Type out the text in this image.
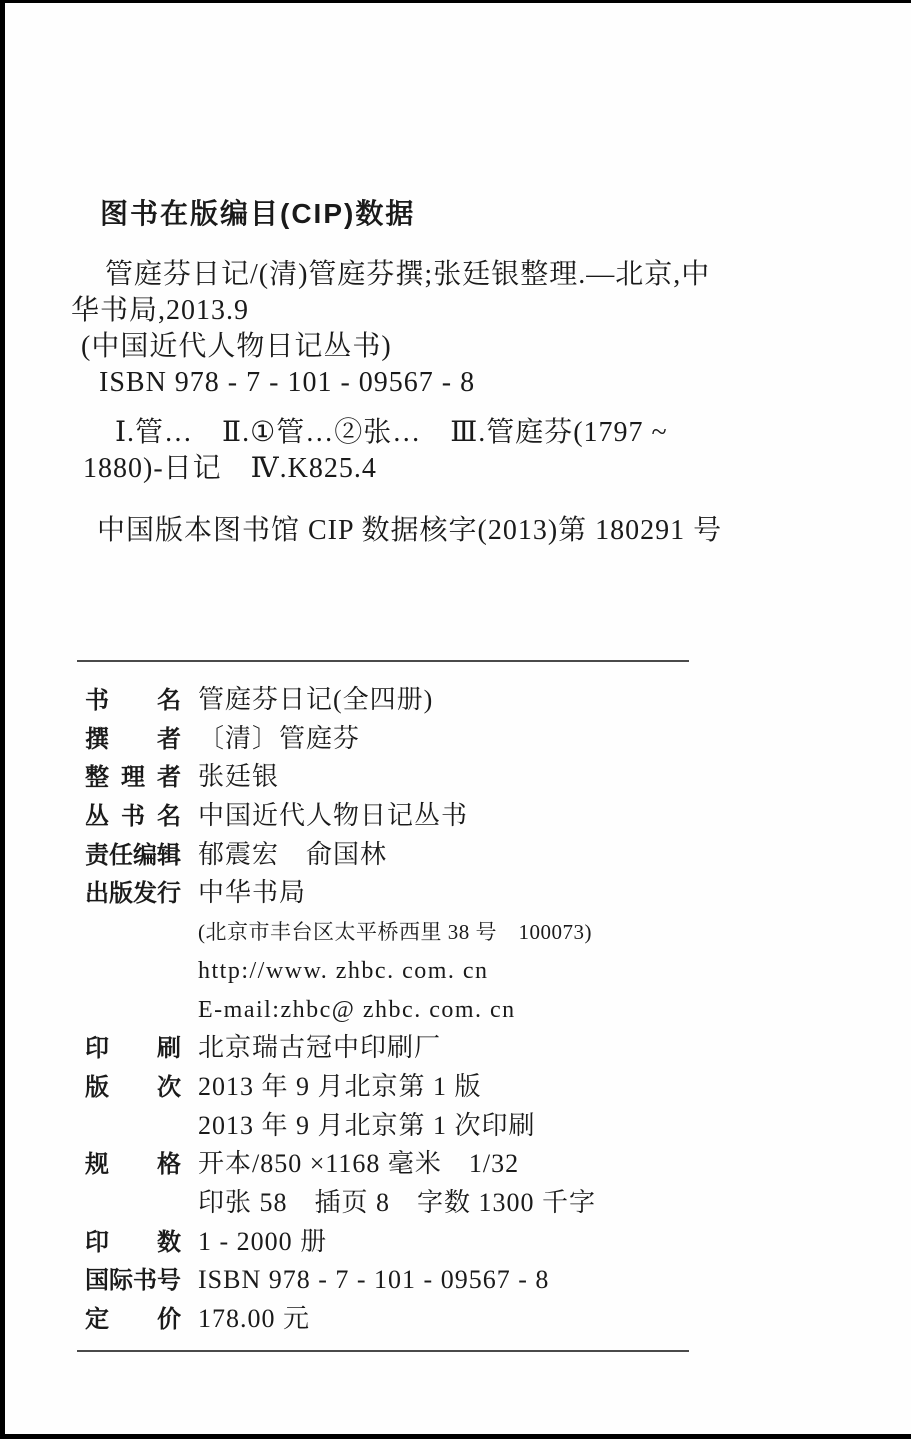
图书在版编目(CIP)数据
管庭芬日记/(清)管庭芬撰;张廷银整理.—北京,中
华书局,2013.9
(中国近代人物日记丛书)
ISBN 978 - 7 - 101 - 09567 - 8
Ⅰ.管…　Ⅱ.①管…②张…　Ⅲ.管庭芬(1797 ~
1880)-日记　Ⅳ.K825.4
中国版本图书馆 CIP 数据核字(2013)第 180291 号
书名 管庭芬日记(全四册)
撰者 〔清〕管庭芬
整理者 张廷银
丛书名 中国近代人物日记丛书
责任编辑 郁震宏　俞国林
出版发行 中华书局
(北京市丰台区太平桥西里 38 号　100073)
http://www. zhbc. com. cn
E-mail:zhbc@ zhbc. com. cn
印刷 北京瑞古冠中印刷厂
版次 2013 年 9 月北京第 1 版
2013 年 9 月北京第 1 次印刷
规格 开本/850 ×1168 毫米　1/32
印张 58　插页 8　字数 1300 千字
印数 1 - 2000 册
国际书号 ISBN 978 - 7 - 101 - 09567 - 8
定价 178.00 元
